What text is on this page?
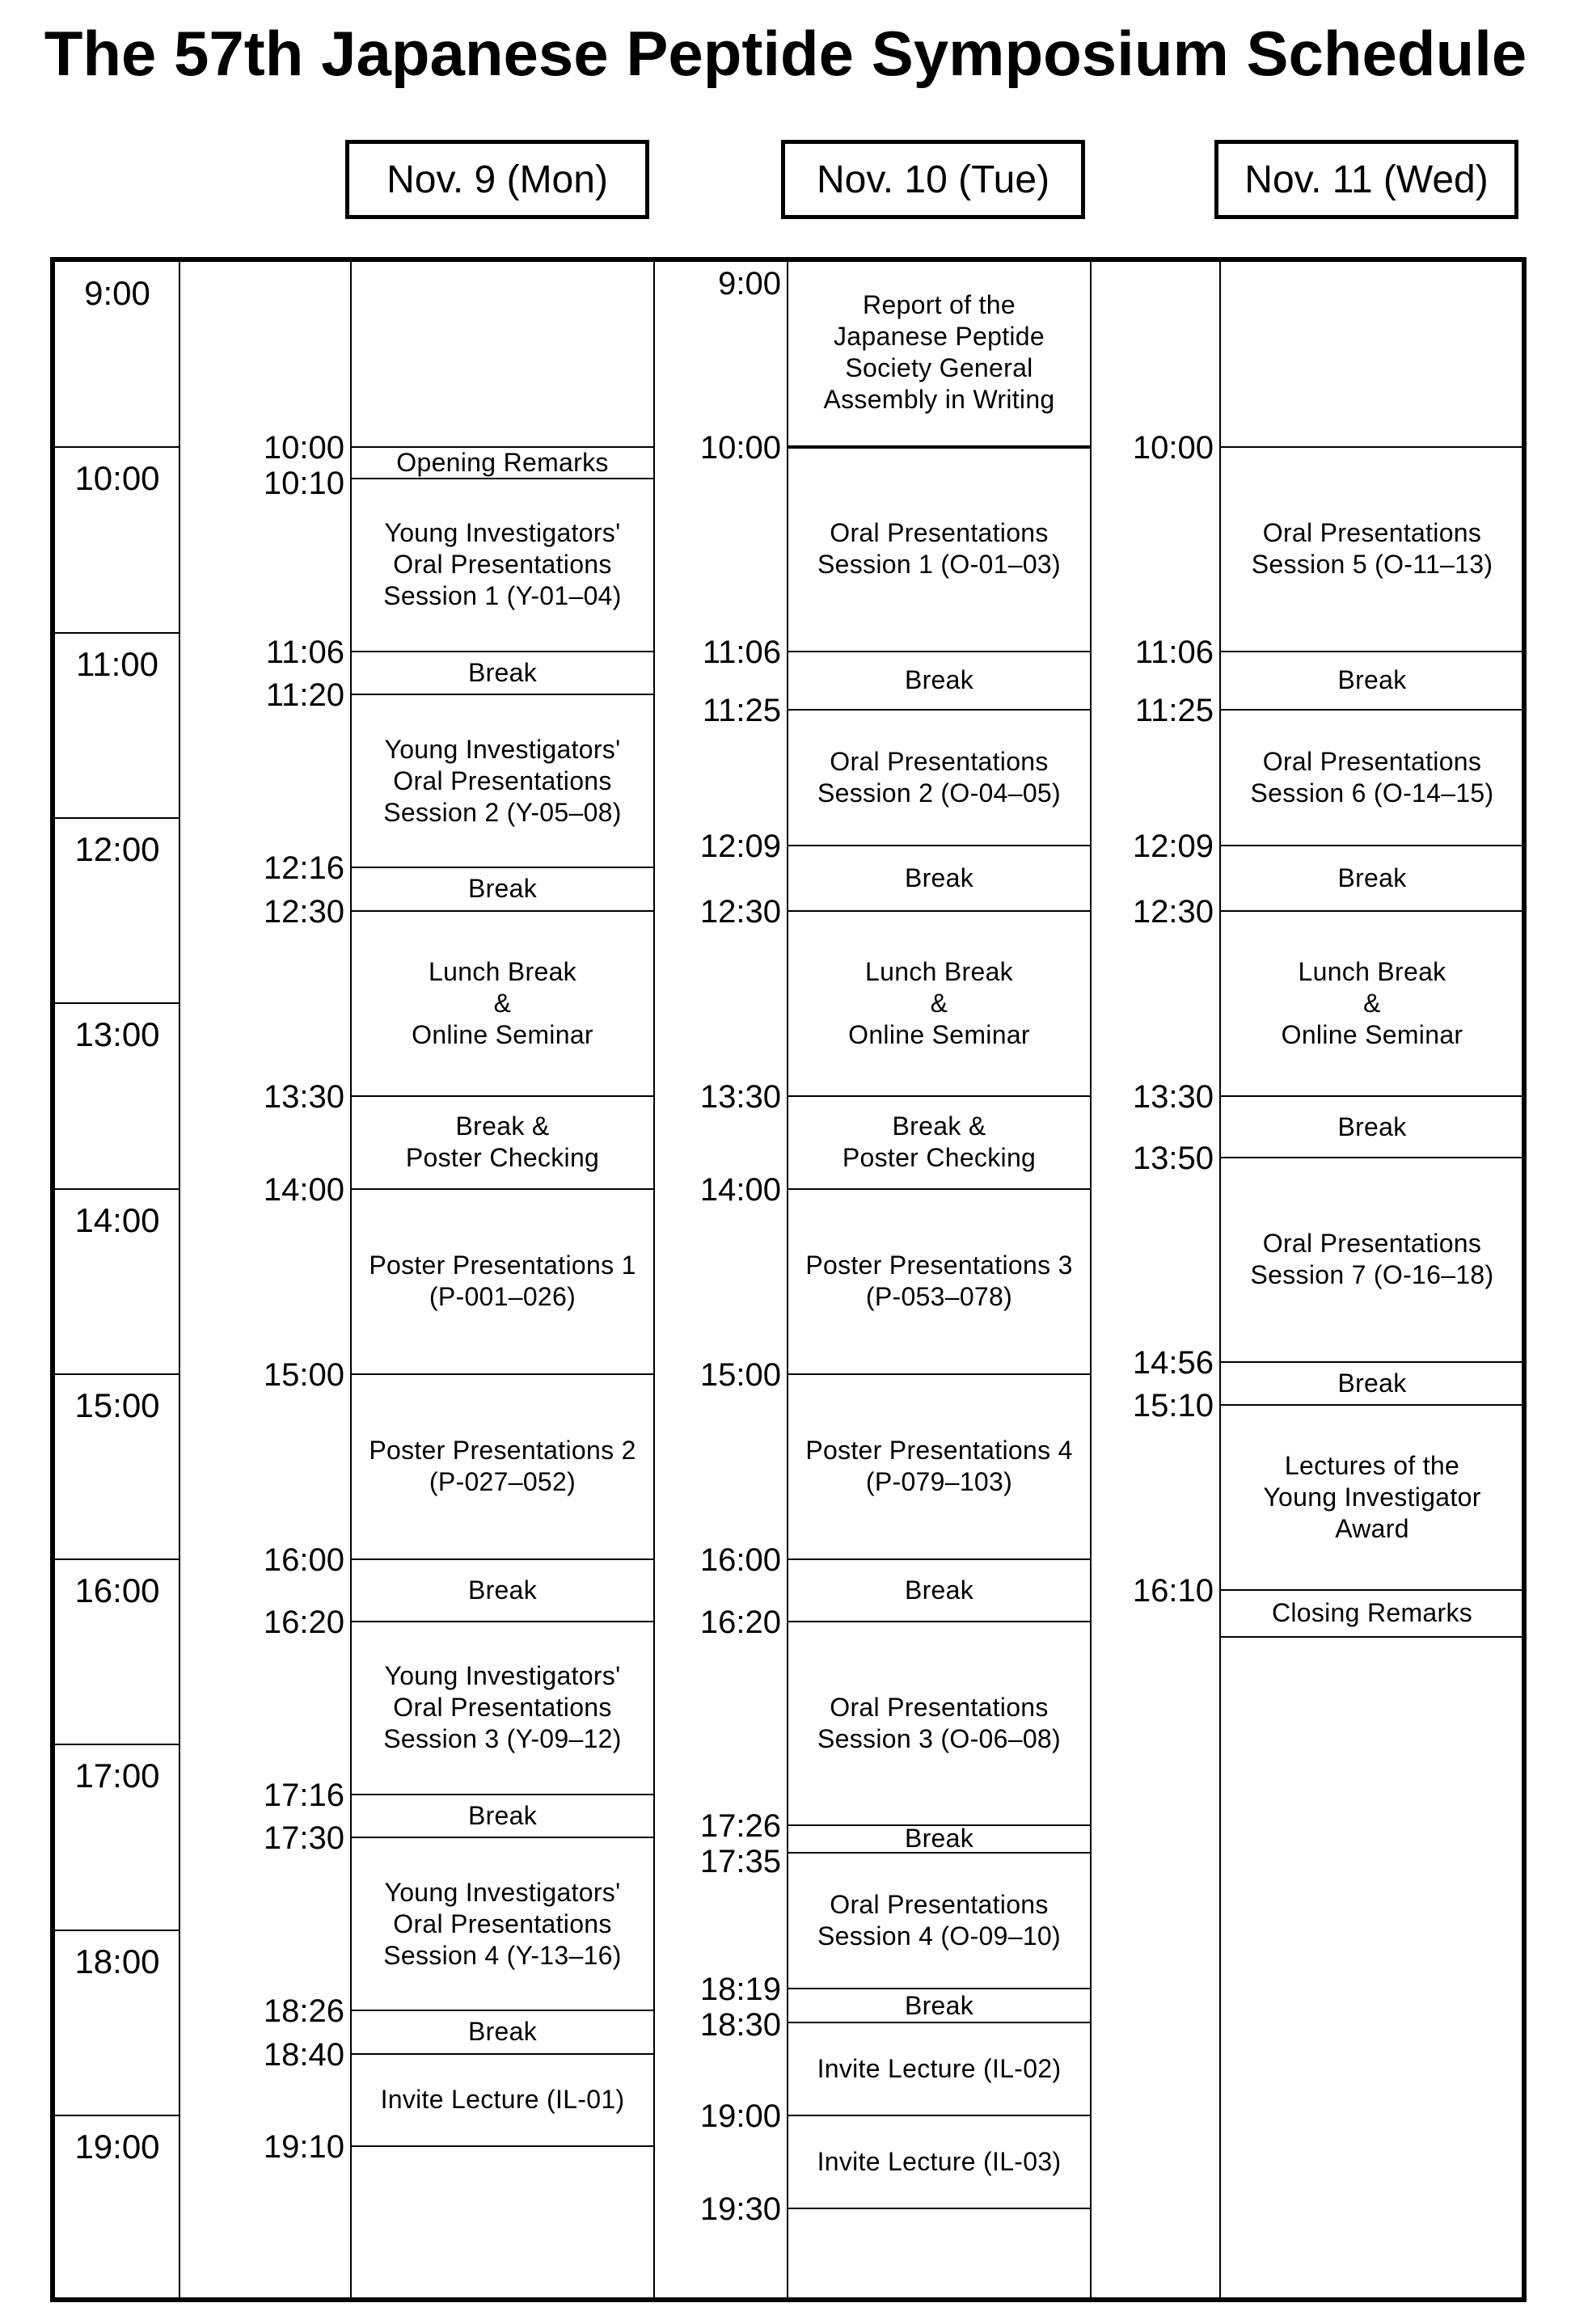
The 57th Japanese Peptide Symposium Schedule
Nov. 9 (Mon)	Nov. 10 (Tue)	Nov. 11 (Wed)
9:00
10:00
11:00
12:00
13:00
14:00
15:00
16:00
17:00
18:00
19:00
10:00
10:10
11:06
11:20
12:16
12:30
13:30
14:00
15:00
16:00
16:20
17:16
17:30
18:26
18:40
19:10
Opening Remarks
Young Investigators'
Oral Presentations
Session 1 (Y-01–04)
Break
Young Investigators'
Oral Presentations
Session 2 (Y-05–08)
Break
Lunch Break
&
Online Seminar
Break &
Poster Checking
Poster Presentations 1
(P-001–026)
Poster Presentations 2
(P-027–052)
Break
Young Investigators'
Oral Presentations
Session 3 (Y-09–12)
Break
Young Investigators'
Oral Presentations
Session 4 (Y-13–16)
Break
Invite Lecture (IL-01)
9:00
10:00
11:06
11:25
12:09
12:30
13:30
14:00
15:00
16:00
16:20
17:26
17:35
18:19
18:30
19:00
19:30
Report of the
Japanese Peptide
Society General
Assembly in Writing
Oral Presentations
Session 1 (O-01–03)
Break
Oral Presentations
Session 2 (O-04–05)
Break
Lunch Break
&
Online Seminar
Break &
Poster Checking
Poster Presentations 3
(P-053–078)
Poster Presentations 4
(P-079–103)
Break
Oral Presentations
Session 3 (O-06–08)
Break
Oral Presentations
Session 4 (O-09–10)
Break
Invite Lecture (IL-02)
Invite Lecture (IL-03)
10:00
11:06
11:25
12:09
12:30
13:30
13:50
14:56
15:10
16:10
Oral Presentations
Session 5 (O-11–13)
Break
Oral Presentations
Session 6 (O-14–15)
Break
Lunch Break
&
Online Seminar
Break
Oral Presentations
Session 7 (O-16–18)
Break
Lectures of the
Young Investigator
Award
Closing Remarks
